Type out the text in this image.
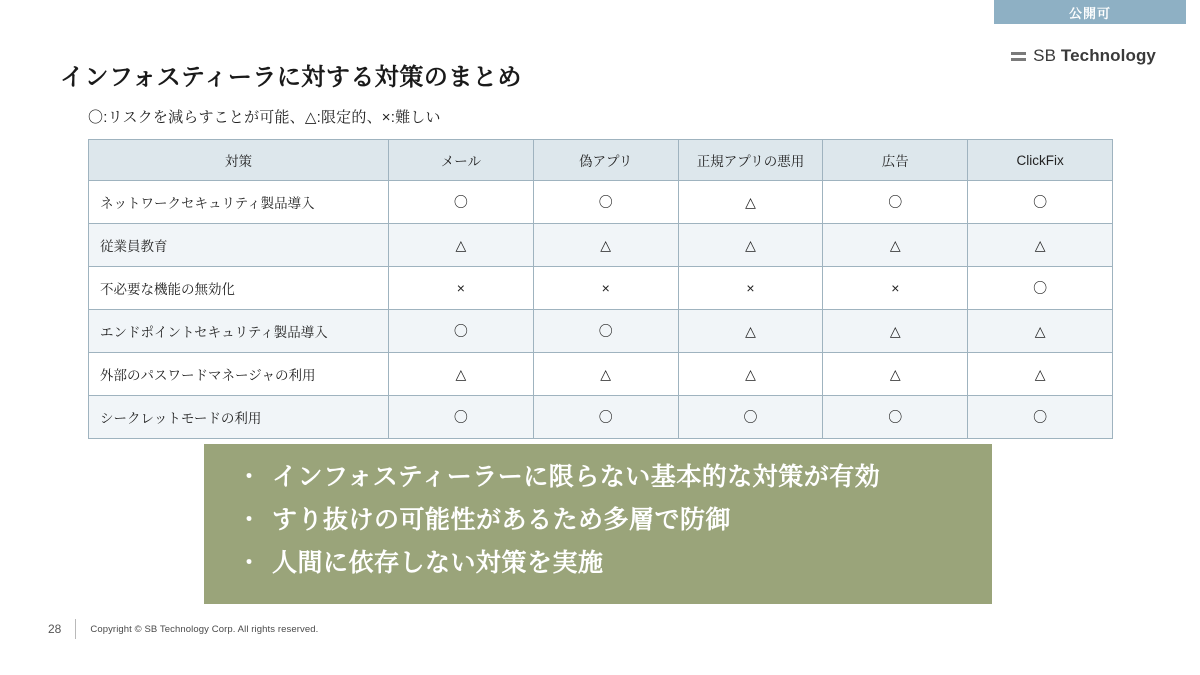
公開可
SB Technology
インフォスティーラに対する対策のまとめ
〇:リスクを減らすことが可能、△:限定的、×:難しい
対策	メール	偽アプリ	正規アプリの悪用	広告	ClickFix
ネットワークセキュリティ製品導入	〇	〇	△	〇	〇
従業員教育	△	△	△	△	△
不必要な機能の無効化	×	×	×	×	〇
エンドポイントセキュリティ製品導入	〇	〇	△	△	△
外部のパスワードマネージャの利用	△	△	△	△	△
シークレットモードの利用	〇	〇	〇	〇	〇
・ インフォスティーラーに限らない基本的な対策が有効
・ すり抜けの可能性があるため多層で防御
・ 人間に依存しない対策を実施
28	Copyright © SB Technology Corp. All rights reserved.
